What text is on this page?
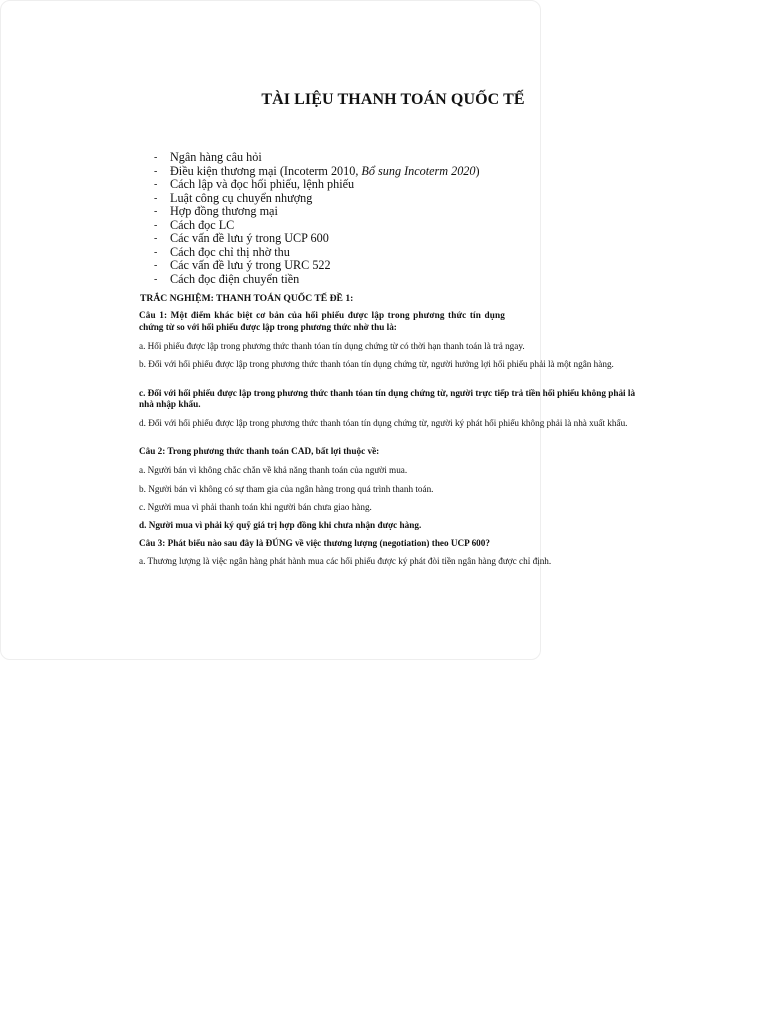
TÀI LIỆU THANH TOÁN QUỐC TẾ
-	Ngân hàng câu hỏi
-	Điều kiện thương mại (Incoterm 2010, Bổ sung Incoterm 2020)
-	Cách lập và đọc hối phiếu, lệnh phiếu
-	Luật công cụ chuyển nhượng
-	Hợp đồng thương mại
-	Cách đọc LC
-	Các vấn đề lưu ý trong UCP 600
-	Cách đọc chỉ thị nhờ thu
-	Các vấn đề lưu ý trong URC 522
-	Cách đọc điện chuyển tiền
TRẮC NGHIỆM: THANH TOÁN QUỐC TẾ ĐỀ 1:
Câu 1: Một điểm khác biệt cơ bản của hối phiếu được lập trong phương thức tín dụng
chứng từ so với hối phiếu được lập trong phương thức nhờ thu là:
a. Hối phiếu được lập trong phương thức thanh tóan tín dụng chứng từ có thời hạn thanh toán là trả ngay.
b. Đối với hối phiếu được lập trong phương thức thanh tóan tín dụng chứng từ, người hưởng lợi hối phiếu phải là một ngân hàng.
c. Đối với hối phiếu được lập trong phương thức thanh tóan tín dụng chứng từ, người trực tiếp trả tiền hối phiếu không phải là nhà nhập khẩu.
d. Đối với hối phiếu được lập trong phương thức thanh tóan tín dụng chứng từ, người ký phát hối phiếu không phải là nhà xuất khẩu.
Câu 2: Trong phương thức thanh toán CAD, bất lợi thuộc về:
a. Người bán vì không chắc chắn về khả năng thanh toán của người mua.
b. Người bán vì không có sự tham gia của ngân hàng trong quá trình thanh toán.
c. Người mua vì phải thanh toán khi người bán chưa giao hàng.
d. Người mua vì phải ký quỹ giá trị hợp đồng khi chưa nhận được hàng.
Câu 3: Phát biểu nào sau đây là ĐÚNG về việc thương lượng (negotiation) theo UCP 600?
a. Thương lượng là việc ngân hàng phát hành mua các hối phiếu được ký phát đòi tiền ngân hàng được chỉ định.
